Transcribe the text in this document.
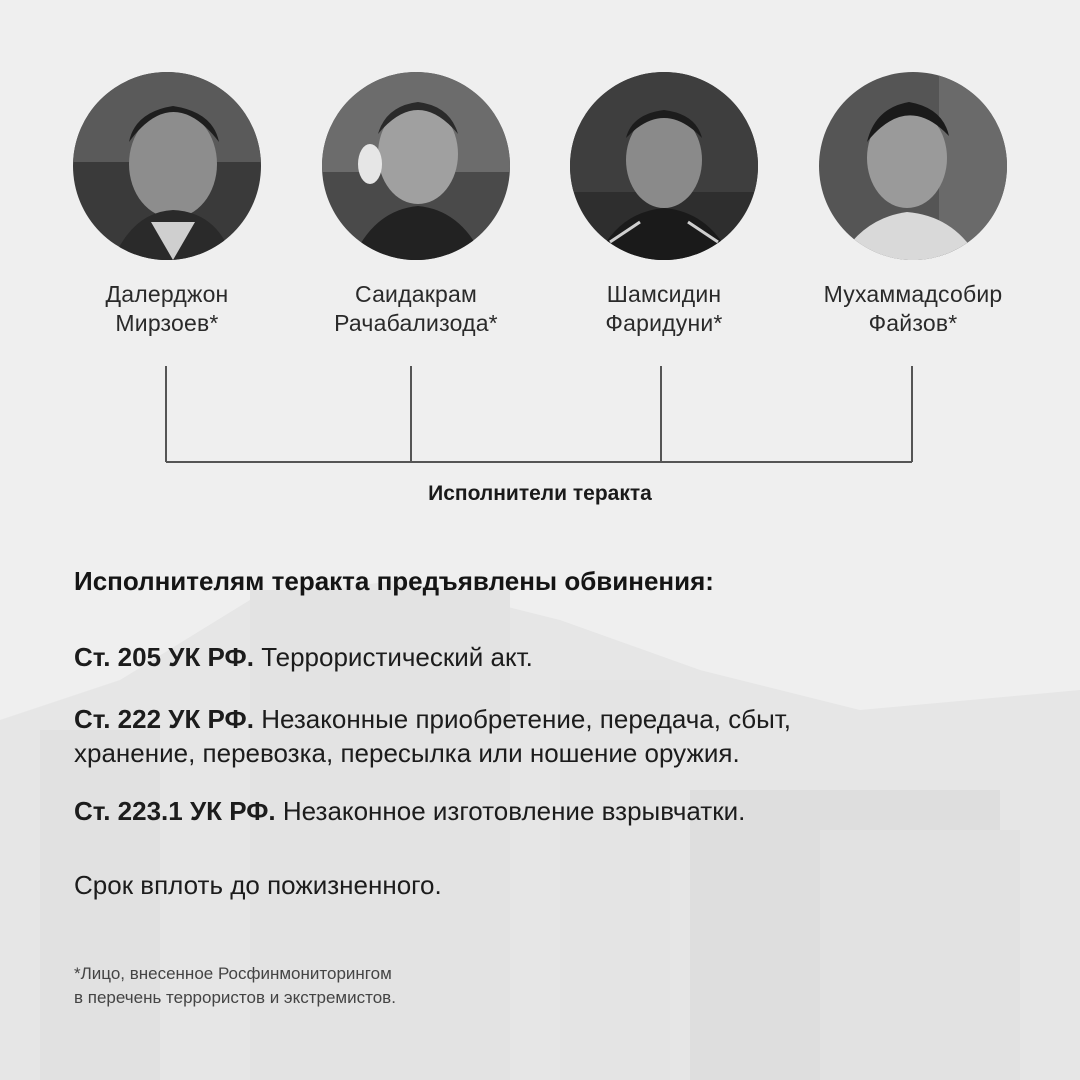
Далерджон
Мирзоев*
Саидакрам
Рачабализода*
Шамсидин
Фаридуни*
Мухаммадсобир
Файзов*
Исполнители теракта
Исполнителям теракта предъявлены обвинения:
Ст. 205 УК РФ. Террористический акт.
Ст. 222 УК РФ. Незаконные приобретение, передача, сбыт,
хранение, перевозка, пересылка или ношение оружия.
Ст. 223.1 УК РФ. Незаконное изготовление взрывчатки.
Срок вплоть до пожизненного.
*Лицо, внесенное Росфинмониторингом
в перечень террористов и экстремистов.
